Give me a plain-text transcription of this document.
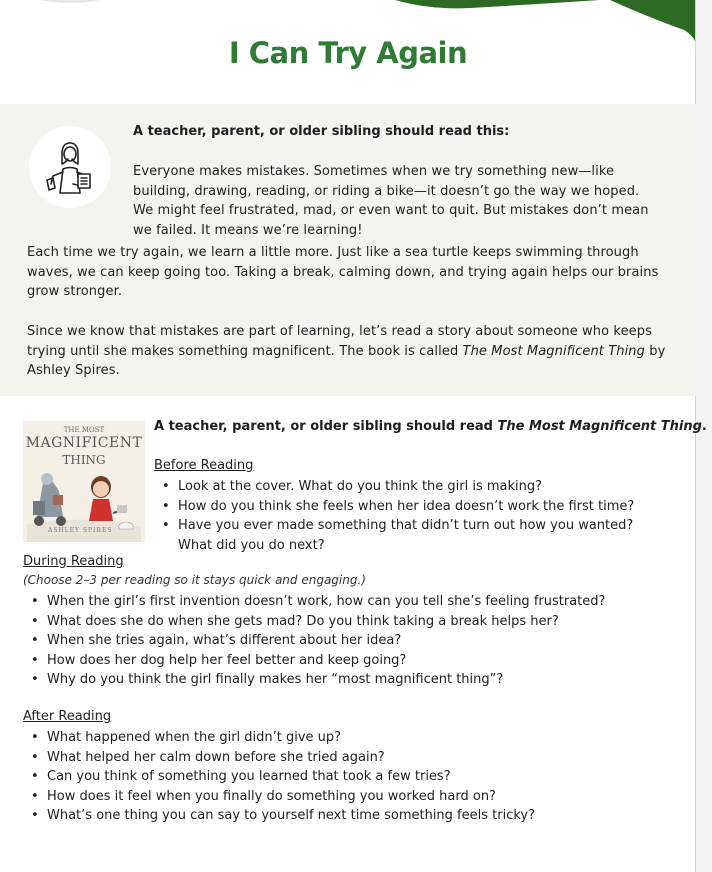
I Can Try Again
A teacher, parent, or older sibling should read this:

Everyone makes mistakes. Sometimes when we try something new—like building, drawing, reading, or riding a bike—it doesn’t go the way we hoped. We might feel frustrated, mad, or even want to quit. But mistakes don’t mean we failed. It means we’re learning!

Each time we try again, we learn a little more. Just like a sea turtle keeps swimming through waves, we can keep going too. Taking a break, calming down, and trying again helps our brains grow stronger.

Since we know that mistakes are part of learning, let’s read a story about someone who keeps trying until she makes something magnificent. The book is called The Most Magnificent Thing by Ashley Spires.

THE MOST
MAGNIFICENT
THING
ASHLEY SPIRES
A teacher, parent, or older sibling should read The Most Magnificent Thing.
Before Reading
• Look at the cover. What do you think the girl is making?
• How do you think she feels when her idea doesn’t work the first time?
• Have you ever made something that didn’t turn out how you wanted? What did you do next?
During Reading
(Choose 2–3 per reading so it stays quick and engaging.)
• When the girl’s first invention doesn’t work, how can you tell she’s feeling frustrated?
• What does she do when she gets mad? Do you think taking a break helps her?
• When she tries again, what’s different about her idea?
• How does her dog help her feel better and keep going?
• Why do you think the girl finally makes her “most magnificent thing”?
After Reading
• What happened when the girl didn’t give up?
• What helped her calm down before she tried again?
• Can you think of something you learned that took a few tries?
• How does it feel when you finally do something you worked hard on?
• What’s one thing you can say to yourself next time something feels tricky?
